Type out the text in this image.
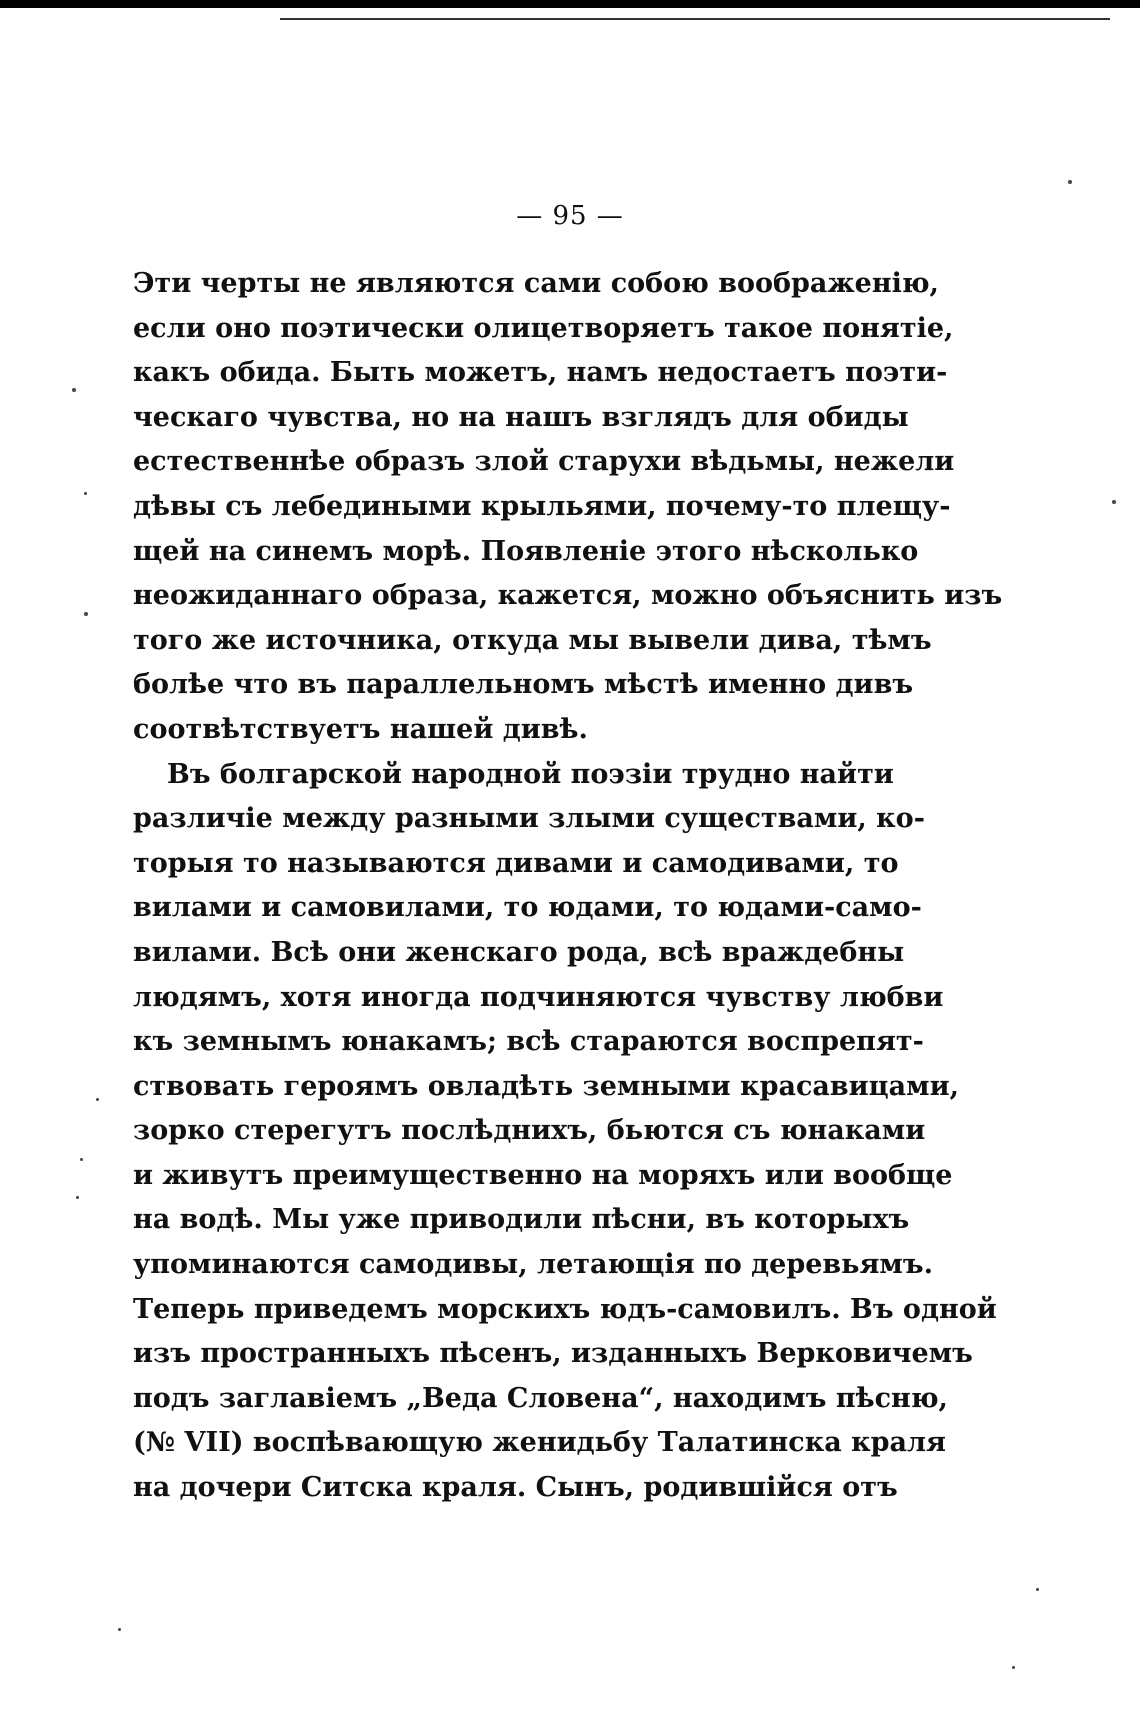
— 95 —
Эти черты не являются сами собою воображенію,
если оно поэтически олицетворяетъ такое понятіе,
какъ обида. Быть можетъ, намъ недостаетъ поэти-
ческаго чувства, но на нашъ взглядъ для обиды
естественнѣе образъ злой старухи вѣдьмы, нежели
дѣвы съ лебедиными крыльями, почему-то плещу-
щей на синемъ морѣ. Появленіе этого нѣсколько
неожиданнаго образа, кажется, можно объяснить изъ
того же источника, откуда мы вывели дива, тѣмъ
болѣе что въ параллельномъ мѣстѣ именно дивъ
соотвѣтствуетъ нашей дивѣ.
Въ болгарской народной поэзіи трудно найти
различіе между разными злыми существами, ко-
торыя то называются дивами и самодивами, то
вилами и самовилами, то юдами, то юдами-само-
вилами. Всѣ они женскаго рода, всѣ враждебны
людямъ, хотя иногда подчиняются чувству любви
къ земнымъ юнакамъ; всѣ стараются воспрепят-
ствовать героямъ овладѣть земными красавицами,
зорко стерегутъ послѣднихъ, бьются съ юнаками
и живутъ преимущественно на моряхъ или вообще
на водѣ. Мы уже приводили пѣсни, въ которыхъ
упоминаются самодивы, летающія по деревьямъ.
Теперь приведемъ морскихъ юдъ-самовилъ. Въ одной
изъ пространныхъ пѣсенъ, изданныхъ Верковичемъ
подъ заглавіемъ „Веда Словена“, находимъ пѣсню,
(№ VII) воспѣвающую женидьбу Талатинска краля
на дочери Ситска краля. Сынъ, родившійся отъ
